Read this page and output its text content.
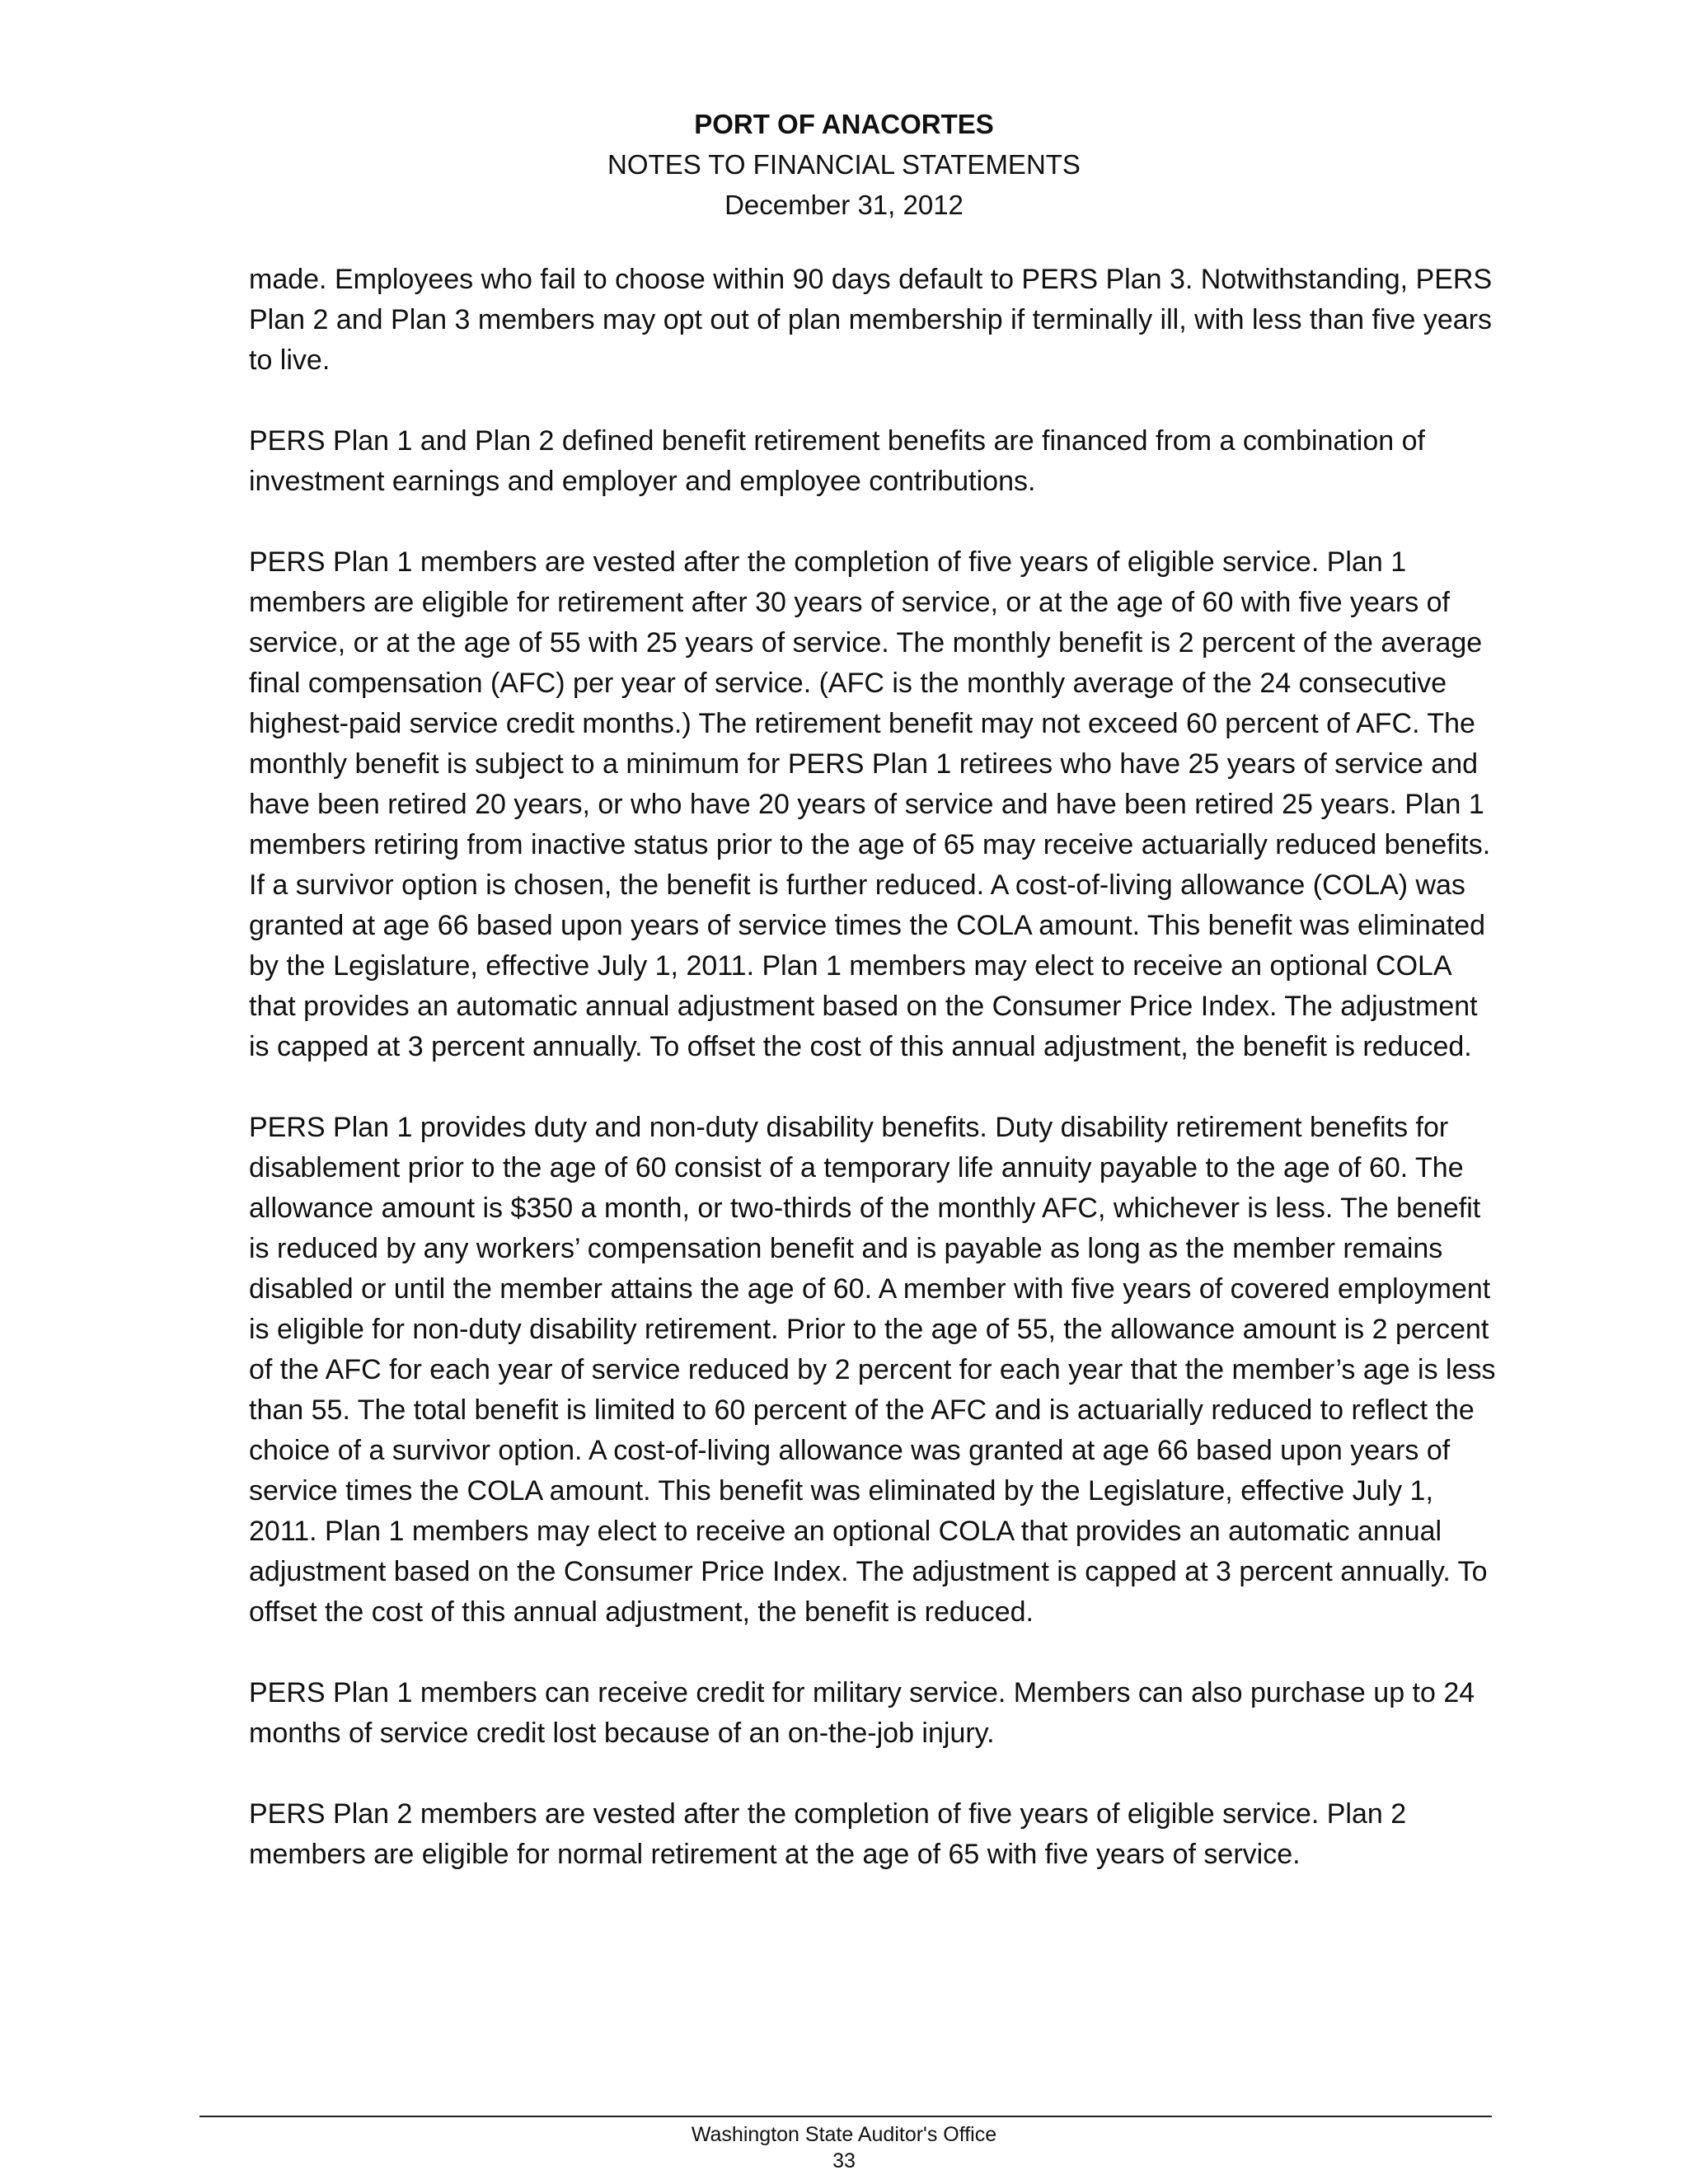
PORT OF ANACORTES
NOTES TO FINANCIAL STATEMENTS
December 31, 2012

made. Employees who fail to choose within 90 days default to PERS Plan 3. Notwithstanding, PERS Plan 2 and Plan 3 members may opt out of plan membership if terminally ill, with less than five years to live.

PERS Plan 1 and Plan 2 defined benefit retirement benefits are financed from a combination of investment earnings and employer and employee contributions.

PERS Plan 1 members are vested after the completion of five years of eligible service. Plan 1 members are eligible for retirement after 30 years of service, or at the age of 60 with five years of service, or at the age of 55 with 25 years of service. The monthly benefit is 2 percent of the average final compensation (AFC) per year of service. (AFC is the monthly average of the 24 consecutive highest-paid service credit months.) The retirement benefit may not exceed 60 percent of AFC. The monthly benefit is subject to a minimum for PERS Plan 1 retirees who have 25 years of service and have been retired 20 years, or who have 20 years of service and have been retired 25 years. Plan 1 members retiring from inactive status prior to the age of 65 may receive actuarially reduced benefits. If a survivor option is chosen, the benefit is further reduced. A cost-of-living allowance (COLA) was granted at age 66 based upon years of service times the COLA amount. This benefit was eliminated by the Legislature, effective July 1, 2011. Plan 1 members may elect to receive an optional COLA that provides an automatic annual adjustment based on the Consumer Price Index. The adjustment is capped at 3 percent annually. To offset the cost of this annual adjustment, the benefit is reduced.

PERS Plan 1 provides duty and non-duty disability benefits. Duty disability retirement benefits for disablement prior to the age of 60 consist of a temporary life annuity payable to the age of 60. The allowance amount is $350 a month, or two-thirds of the monthly AFC, whichever is less. The benefit is reduced by any workers’ compensation benefit and is payable as long as the member remains disabled or until the member attains the age of 60. A member with five years of covered employment is eligible for non-duty disability retirement. Prior to the age of 55, the allowance amount is 2 percent of the AFC for each year of service reduced by 2 percent for each year that the member’s age is less than 55. The total benefit is limited to 60 percent of the AFC and is actuarially reduced to reflect the choice of a survivor option. A cost-of-living allowance was granted at age 66 based upon years of service times the COLA amount. This benefit was eliminated by the Legislature, effective July 1, 2011. Plan 1 members may elect to receive an optional COLA that provides an automatic annual adjustment based on the Consumer Price Index. The adjustment is capped at 3 percent annually. To offset the cost of this annual adjustment, the benefit is reduced.

PERS Plan 1 members can receive credit for military service. Members can also purchase up to 24 months of service credit lost because of an on-the-job injury.

PERS Plan 2 members are vested after the completion of five years of eligible service. Plan 2 members are eligible for normal retirement at the age of 65 with five years of service.

Washington State Auditor's Office
33
